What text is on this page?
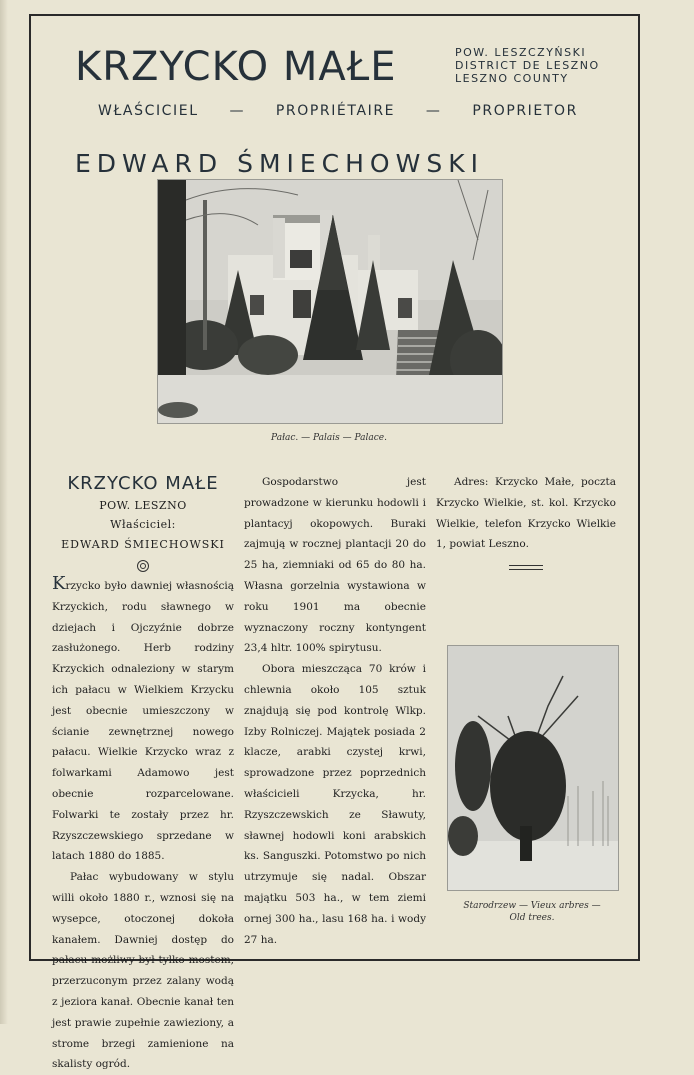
KRZYCKO MAŁE	POW. LESZCZYŃSKI
DISTRICT DE LESZNO
LESZNO COUNTY
WŁAŚCICIEL — PROPRIÉTAIRE — PROPRIETOR
EDWARD ŚMIECHOWSKI
Pałac. — Palais — Palace.
KRZYCKO MAŁE
POW. LESZNO
Właściciel:
EDWARD ŚMIECHOWSKI

Krzycko było dawniej własnością Krzyckich, rodu sławnego w dziejach i Ojczyźnie dobrze zasłużonego. Herb rodziny Krzyckich odnaleziony w starym ich pałacu w Wielkiem Krzycku jest obecnie umieszczony w ścianie zewnętrznej nowego pałacu. Wielkie Krzycko wraz z folwarkami Adamowo jest obecnie rozparcelowane. Folwarki te zostały przez hr. Rzyszczewskiego sprzedane w latach 1880 do 1885.

Pałac wybudowany w stylu willi około 1880 r., wznosi się na wysepce, otoczonej dokoła kanałem. Dawniej dostęp do pałacu możliwy był tylko mostem, przerzuconym przez zalany wodą z jeziora kanał. Obecnie kanał ten jest prawie zupełnie zawieziony, a strome brzegi zamienione na skalisty ogród.

Gospodarstwo jest prowadzone w kierunku hodowli i plantacyj okopowych. Buraki zajmują w rocznej plantacji 20 do 25 ha, ziemniaki od 65 do 80 ha. Własna gorzelnia wystawiona w roku 1901 ma obecnie wyznaczony roczny kontyngent 23,4 hltr. 100% spirytusu.

Obora mieszcząca 70 krów i chlewnia około 105 sztuk znajdują się pod kontrolę Wlkp. Izby Rolniczej. Majątek posiada 2 klacze, arabki czystej krwi, sprowadzone przez poprzednich właścicieli Krzycka, hr. Rzyszczewskich ze Sławuty, sławnej hodowli koni arabskich ks. Sanguszki. Potomstwo po nich utrzymuje się nadal. Obszar majątku 503 ha., w tem ziemi ornej 300 ha., lasu 168 ha. i wody 27 ha.

Adres: Krzycko Małe, poczta Krzycko Wielkie, st. kol. Krzycko Wielkie, telefon Krzycko Wielkie 1, powiat Leszno.

Starodrzew — Vieux arbres —
Old trees.
